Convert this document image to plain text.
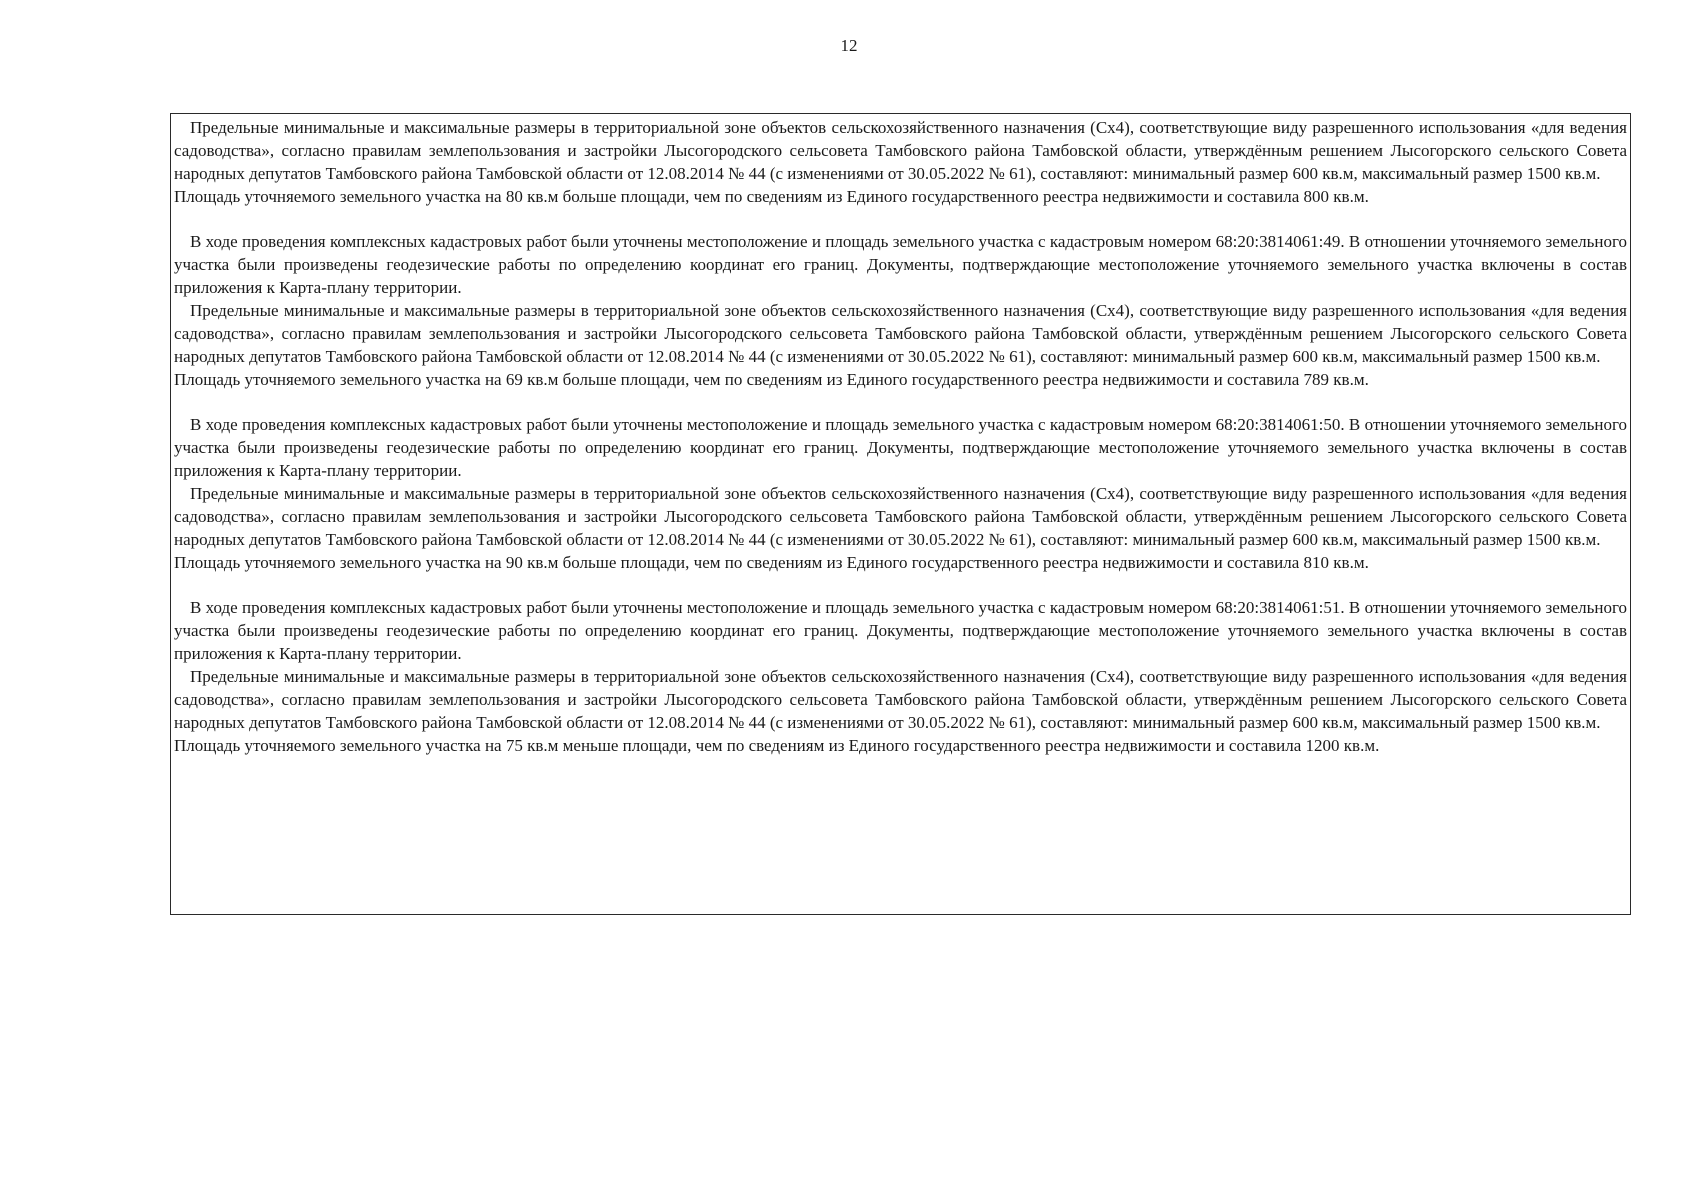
12

Предельные минимальные и максимальные размеры в территориальной зоне объектов сельскохозяйственного назначения (Сх4), соответствующие виду разрешенного использования «для ведения садоводства», согласно правилам землепользования и застройки Лысогородского сельсовета Тамбовского района Тамбовской области, утверждённым решением Лысогорского сельского Совета народных депутатов Тамбовского района Тамбовской области от 12.08.2014 № 44 (с изменениями от 30.05.2022 № 61), составляют: минимальный размер 600 кв.м, максимальный размер 1500 кв.м.

Площадь уточняемого земельного участка на 80 кв.м больше площади, чем по сведениям из Единого государственного реестра недвижимости и составила 800 кв.м.

В ходе проведения комплексных кадастровых работ были уточнены местоположение и площадь земельного участка с кадастровым номером 68:20:3814061:49. В отношении уточняемого земельного участка были произведены геодезические работы по определению координат его границ. Документы, подтверждающие местоположение уточняемого земельного участка включены в состав приложения к Карта-плану территории.

Предельные минимальные и максимальные размеры в территориальной зоне объектов сельскохозяйственного назначения (Сх4), соответствующие виду разрешенного использования «для ведения садоводства», согласно правилам землепользования и застройки Лысогородского сельсовета Тамбовского района Тамбовской области, утверждённым решением Лысогорского сельского Совета народных депутатов Тамбовского района Тамбовской области от 12.08.2014 № 44 (с изменениями от 30.05.2022 № 61), составляют: минимальный размер 600 кв.м, максимальный размер 1500 кв.м.

Площадь уточняемого земельного участка на 69 кв.м больше площади, чем по сведениям из Единого государственного реестра недвижимости и составила 789 кв.м.

В ходе проведения комплексных кадастровых работ были уточнены местоположение и площадь земельного участка с кадастровым номером 68:20:3814061:50. В отношении уточняемого земельного участка были произведены геодезические работы по определению координат его границ. Документы, подтверждающие местоположение уточняемого земельного участка включены в состав приложения к Карта-плану территории.

Предельные минимальные и максимальные размеры в территориальной зоне объектов сельскохозяйственного назначения (Сх4), соответствующие виду разрешенного использования «для ведения садоводства», согласно правилам землепользования и застройки Лысогородского сельсовета Тамбовского района Тамбовской области, утверждённым решением Лысогорского сельского Совета народных депутатов Тамбовского района Тамбовской области от 12.08.2014 № 44 (с изменениями от 30.05.2022 № 61), составляют: минимальный размер 600 кв.м, максимальный размер 1500 кв.м.

Площадь уточняемого земельного участка на 90 кв.м больше площади, чем по сведениям из Единого государственного реестра недвижимости и составила 810 кв.м.

В ходе проведения комплексных кадастровых работ были уточнены местоположение и площадь земельного участка с кадастровым номером 68:20:3814061:51. В отношении уточняемого земельного участка были произведены геодезические работы по определению координат его границ. Документы, подтверждающие местоположение уточняемого земельного участка включены в состав приложения к Карта-плану территории.

Предельные минимальные и максимальные размеры в территориальной зоне объектов сельскохозяйственного назначения (Сх4), соответствующие виду разрешенного использования «для ведения садоводства», согласно правилам землепользования и застройки Лысогородского сельсовета Тамбовского района Тамбовской области, утверждённым решением Лысогорского сельского Совета народных депутатов Тамбовского района Тамбовской области от 12.08.2014 № 44 (с изменениями от 30.05.2022 № 61), составляют: минимальный размер 600 кв.м, максимальный размер 1500 кв.м.

Площадь уточняемого земельного участка на 75 кв.м меньше площади, чем по сведениям из Единого государственного реестра недвижимости и составила 1200 кв.м.
